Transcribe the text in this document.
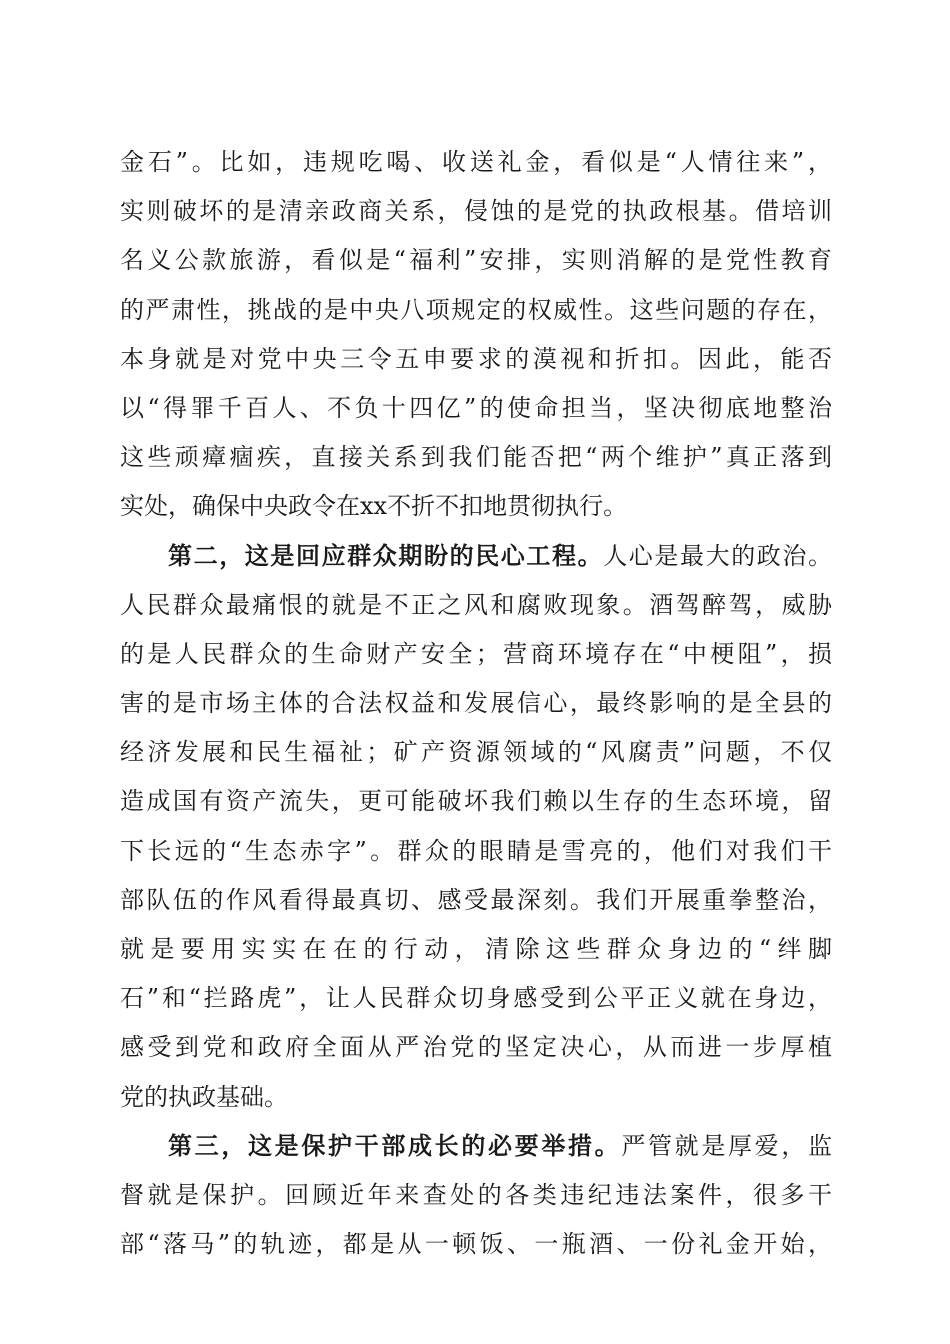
金石”。比如，违规吃喝、收送礼金，看似是“人情往来”，
实则破坏的是清亲政商关系，侵蚀的是党的执政根基。借培训
名义公款旅游，看似是“福利”安排，实则消解的是党性教育
的严肃性，挑战的是中央八项规定的权威性。这些问题的存在，
本身就是对党中央三令五申要求的漠视和折扣。因此，能否
以“得罪千百人、不负十四亿”的使命担当，坚决彻底地整治
这些顽瘴痼疾，直接关系到我们能否把“两个维护”真正落到
实处，确保中央政令在xx不折不扣地贯彻执行。
第二，这是回应群众期盼的民心工程。人心是最大的政治。
人民群众最痛恨的就是不正之风和腐败现象。酒驾醉驾，威胁
的是人民群众的生命财产安全；营商环境存在“中梗阻”，损
害的是市场主体的合法权益和发展信心，最终影响的是全县的
经济发展和民生福祉；矿产资源领域的“风腐责”问题，不仅
造成国有资产流失，更可能破坏我们赖以生存的生态环境，留
下长远的“生态赤字”。群众的眼睛是雪亮的，他们对我们干
部队伍的作风看得最真切、感受最深刻。我们开展重拳整治，
就是要用实实在在的行动，清除这些群众身边的“绊脚
石”和“拦路虎”，让人民群众切身感受到公平正义就在身边，
感受到党和政府全面从严治党的坚定决心，从而进一步厚植
党的执政基础。
第三，这是保护干部成长的必要举措。严管就是厚爱，监
督就是保护。回顾近年来查处的各类违纪违法案件，很多干
部“落马”的轨迹，都是从一顿饭、一瓶酒、一份礼金开始，
